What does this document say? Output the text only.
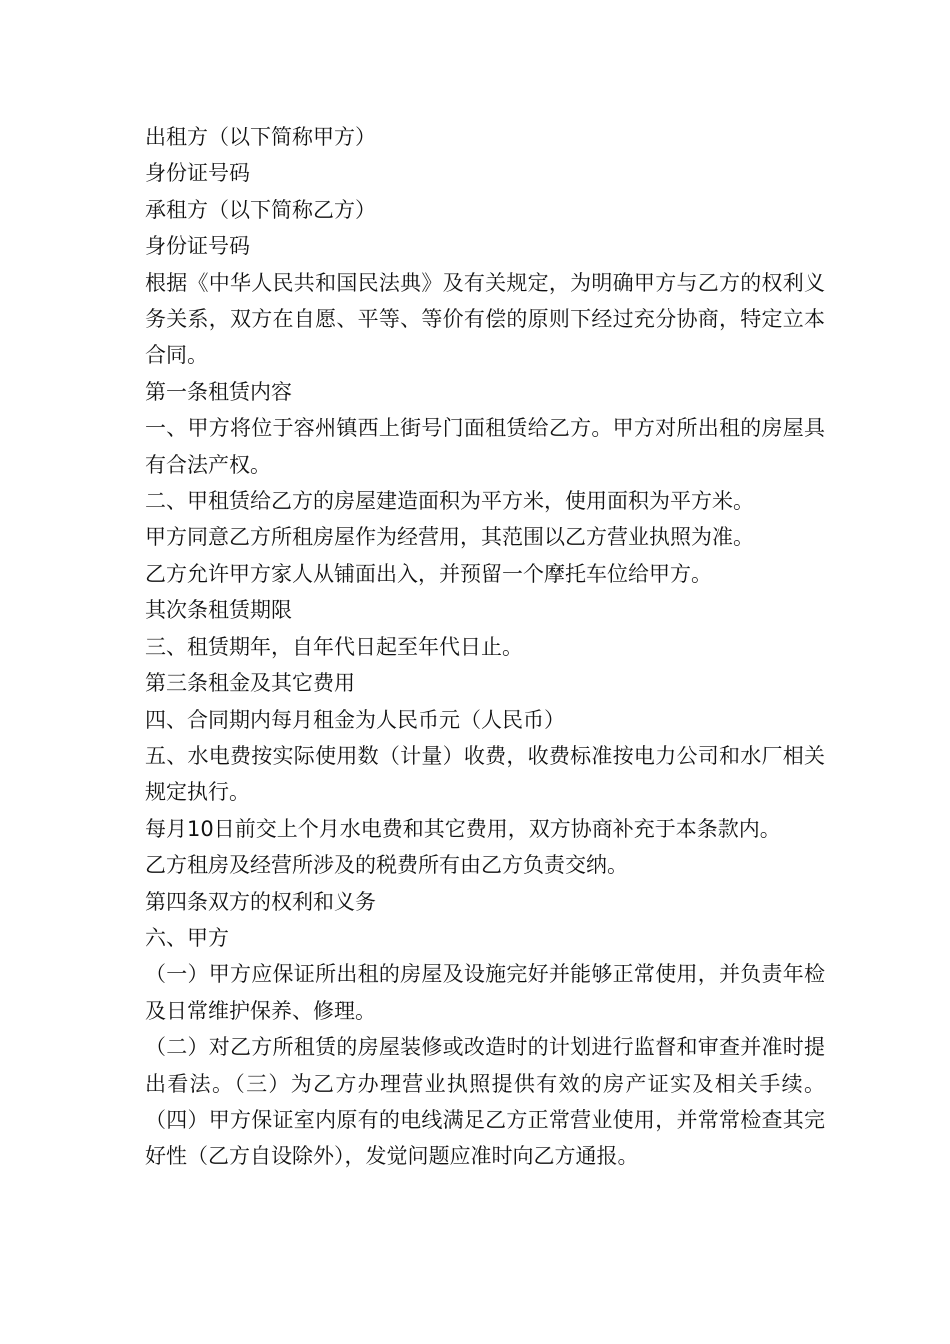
出租方（以下简称甲方）

身份证号码

承租方（以下简称乙方）

身份证号码

根据《中华人民共和国民法典》及有关规定，为明确甲方与乙方的权利义务关系，双方在自愿、平等、等价有偿的原则下经过充分协商，特定立本合同。

第一条租赁内容

一、甲方将位于容州镇西上街号门面租赁给乙方。甲方对所出租的房屋具有合法产权。

二、甲租赁给乙方的房屋建造面积为平方米，使用面积为平方米。

甲方同意乙方所租房屋作为经营用，其范围以乙方营业执照为准。

乙方允许甲方家人从铺面出入，并预留一个摩托车位给甲方。

其次条租赁期限

三、租赁期年，自年代日起至年代日止。

第三条租金及其它费用

四、合同期内每月租金为人民币元（人民币）

五、水电费按实际使用数（计量）收费，收费标准按电力公司和水厂相关规定执行。

每月10日前交上个月水电费和其它费用，双方协商补充于本条款内。

乙方租房及经营所涉及的税费所有由乙方负责交纳。

第四条双方的权利和义务

六、甲方

（一）甲方应保证所出租的房屋及设施完好并能够正常使用，并负责年检及日常维护保养、修理。

（二）对乙方所租赁的房屋装修或改造时的计划进行监督和审查并准时提出看法。（三）为乙方办理营业执照提供有效的房产证实及相关手续。（四）甲方保证室内原有的电线满足乙方正常营业使用，并常常检查其完好性（乙方自设除外），发觉问题应准时向乙方通报。
